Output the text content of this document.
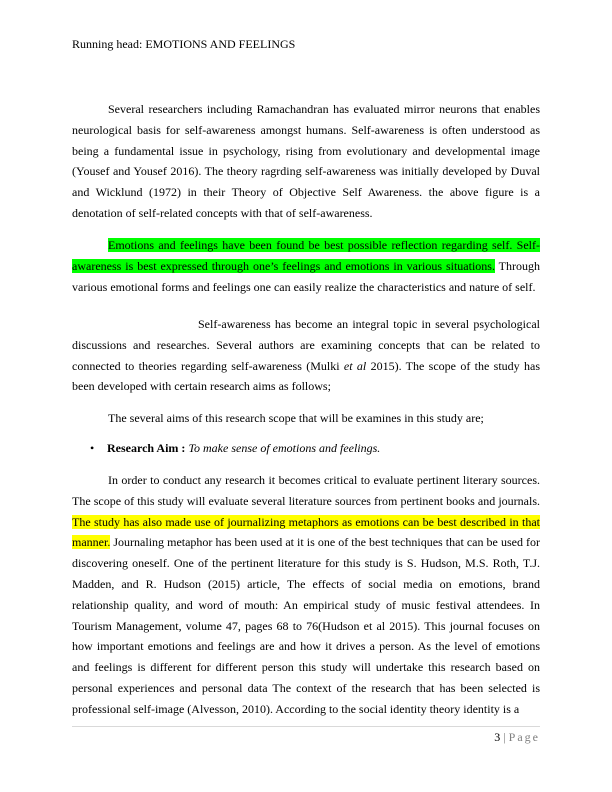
Running head: EMOTIONS AND FEELINGS

Several researchers including Ramachandran has evaluated mirror neurons that enables neurological basis for self-awareness amongst humans. Self-awareness is often understood as being a fundamental issue in psychology, rising from evolutionary and developmental image (Yousef and Yousef 2016). The theory ragrding self-awareness was initially developed by Duval and Wicklund (1972) in their Theory of Objective Self Awareness. the above figure is a denotation of self-related concepts with that of self-awareness.

Emotions and feelings have been found be best possible reflection regarding self. Self-awareness is best expressed through one’s feelings and emotions in various situations. Through various emotional forms and feelings one can easily realize the characteristics and nature of self.

Self-awareness has become an integral topic in several psychological discussions and researches. Several authors are examining concepts that can be related to connected to theories regarding self-awareness (Mulki et al 2015). The scope of the study has been developed with certain research aims as follows;

The several aims of this research scope that will be examines in this study are;

• Research Aim : To make sense of emotions and feelings.

In order to conduct any research it becomes critical to evaluate pertinent literary sources. The scope of this study will evaluate several literature sources from pertinent books and journals. The study has also made use of journalizing metaphors as emotions can be best described in that manner. Journaling metaphor has been used at it is one of the best techniques that can be used for discovering oneself. One of the pertinent literature for this study is S. Hudson, M.S. Roth, T.J. Madden, and R. Hudson (2015) article, The effects of social media on emotions, brand relationship quality, and word of mouth: An empirical study of music festival attendees. In Tourism Management, volume 47, pages 68 to 76(Hudson et al 2015). This journal focuses on how important emotions and feelings are and how it drives a person. As the level of emotions and feelings is different for different person this study will undertake this research based on personal experiences and personal data The context of the research that has been selected is professional self-image (Alvesson, 2010). According to the social identity theory identity is a

3 | Page
